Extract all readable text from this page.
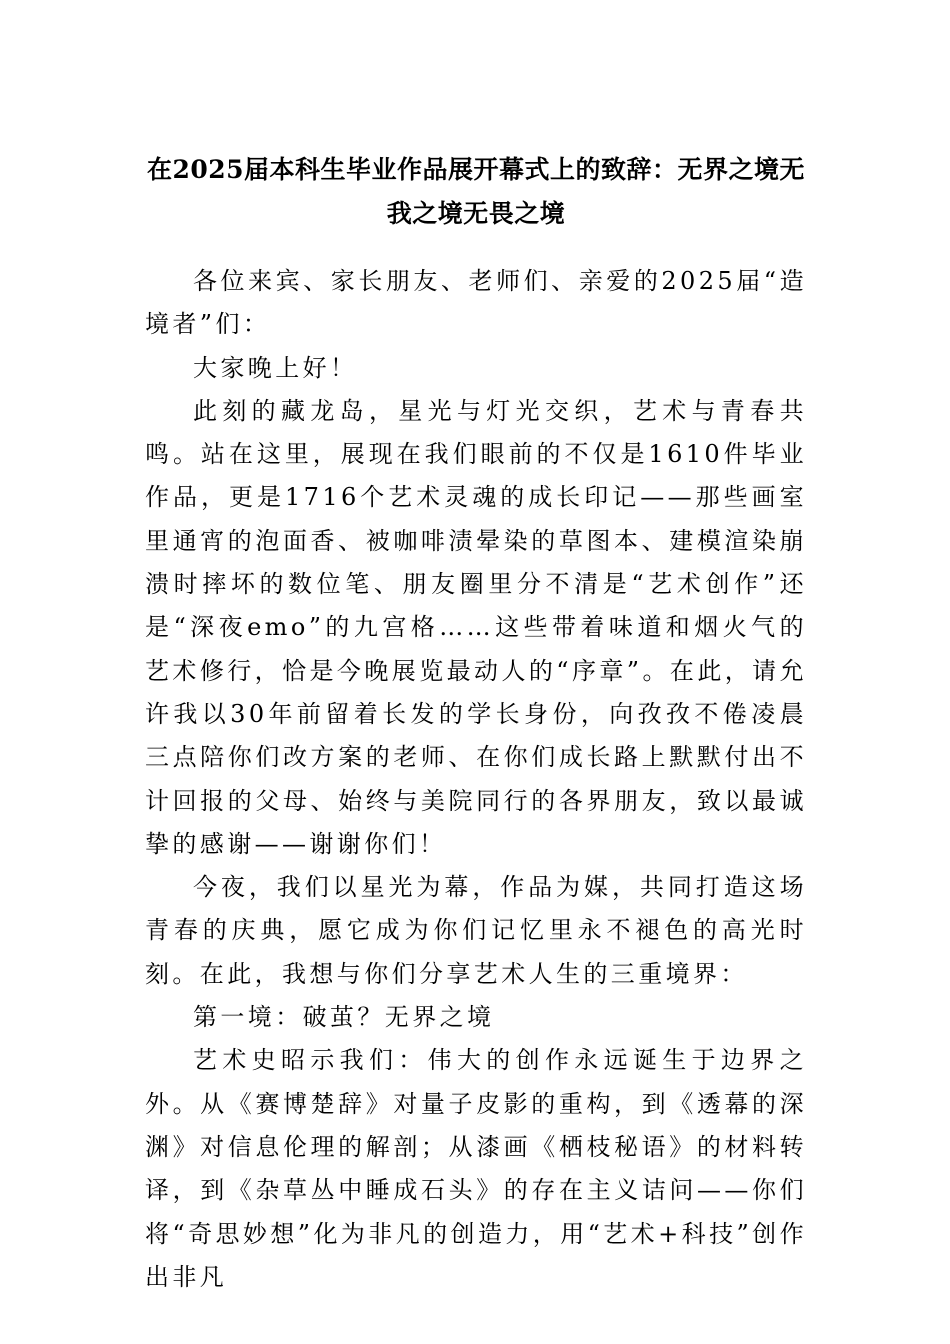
在2025届本科生毕业作品展开幕式上的致辞：无界之境无
我之境无畏之境

各位来宾、家长朋友、老师们、亲爱的2025届“造境者”们：

大家晚上好！

此刻的藏龙岛，星光与灯光交织，艺术与青春共鸣。站在这里，展现在我们眼前的不仅是1610件毕业作品，更是1716个艺术灵魂的成长印记——那些画室里通宵的泡面香、被咖啡渍晕染的草图本、建模渲染崩溃时摔坏的数位笔、朋友圈里分不清是“艺术创作”还是“深夜emo”的九宫格……这些带着味道和烟火气的艺术修行，恰是今晚展览最动人的“序章”。在此，请允许我以30年前留着长发的学长身份，向孜孜不倦凌晨三点陪你们改方案的老师、在你们成长路上默默付出不计回报的父母、始终与美院同行的各界朋友，致以最诚挚的感谢——谢谢你们！

今夜，我们以星光为幕，作品为媒，共同打造这场青春的庆典，愿它成为你们记忆里永不褪色的高光时刻。在此，我想与你们分享艺术人生的三重境界：

第一境：破茧？无界之境

艺术史昭示我们：伟大的创作永远诞生于边界之外。从《赛博楚辞》对量子皮影的重构，到《透幕的深渊》对信息伦理的解剖；从漆画《栖枝秘语》的材料转译，到《杂草丛中睡成石头》的存在主义诘问——你们将“奇思妙想”化为非凡的创造力，用“艺术+科技”创作出非凡
